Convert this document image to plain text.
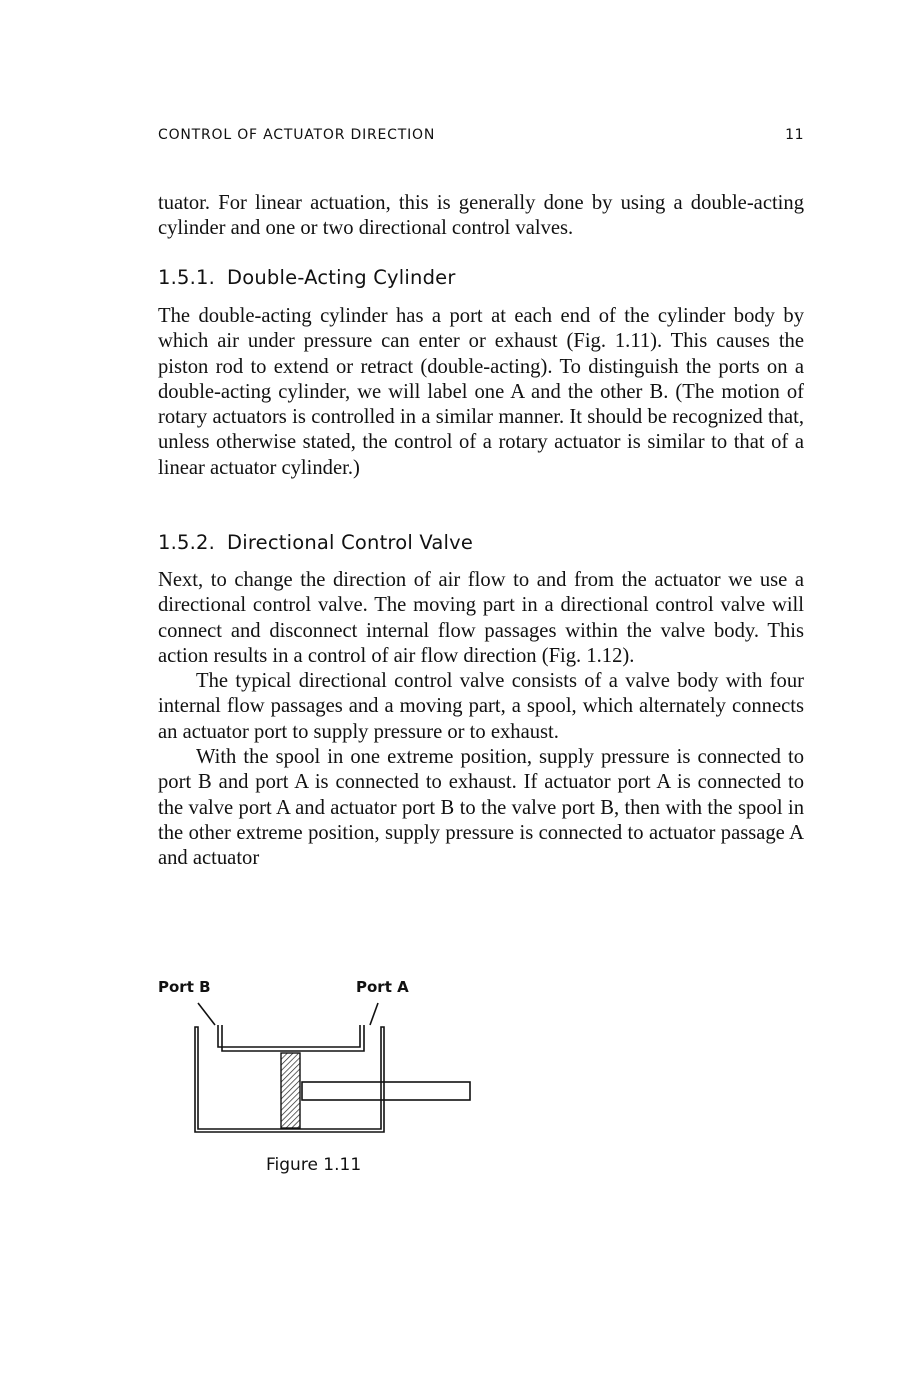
CONTROL OF ACTUATOR DIRECTION	11

tuator. For linear actuation, this is generally done by using a double-acting cylinder and one or two directional control valves.

1.5.1. Double-Acting Cylinder

The double-acting cylinder has a port at each end of the cylinder body by which air under pressure can enter or exhaust (Fig. 1.11). This causes the piston rod to extend or retract (double-acting). To distinguish the ports on a double-acting cylinder, we will label one A and the other B. (The motion of rotary actuators is controlled in a similar manner. It should be recognized that, unless otherwise stated, the control of a rotary actuator is similar to that of a linear actuator cylinder.)

1.5.2. Directional Control Valve

Next, to change the direction of air flow to and from the actuator we use a directional control valve. The moving part in a directional control valve will connect and disconnect internal flow passages within the valve body. This action results in a control of air flow direction (Fig. 1.12).

The typical directional control valve consists of a valve body with four internal flow passages and a moving part, a spool, which alternately connects an actuator port to supply pressure or to exhaust.

With the spool in one extreme position, supply pressure is connected to port B and port A is connected to exhaust. If actuator port A is connected to the valve port A and actuator port B to the valve port B, then with the spool in the other extreme position, supply pressure is connected to actuator passage A and actuator

Port B	Port A
Figure 1.11
